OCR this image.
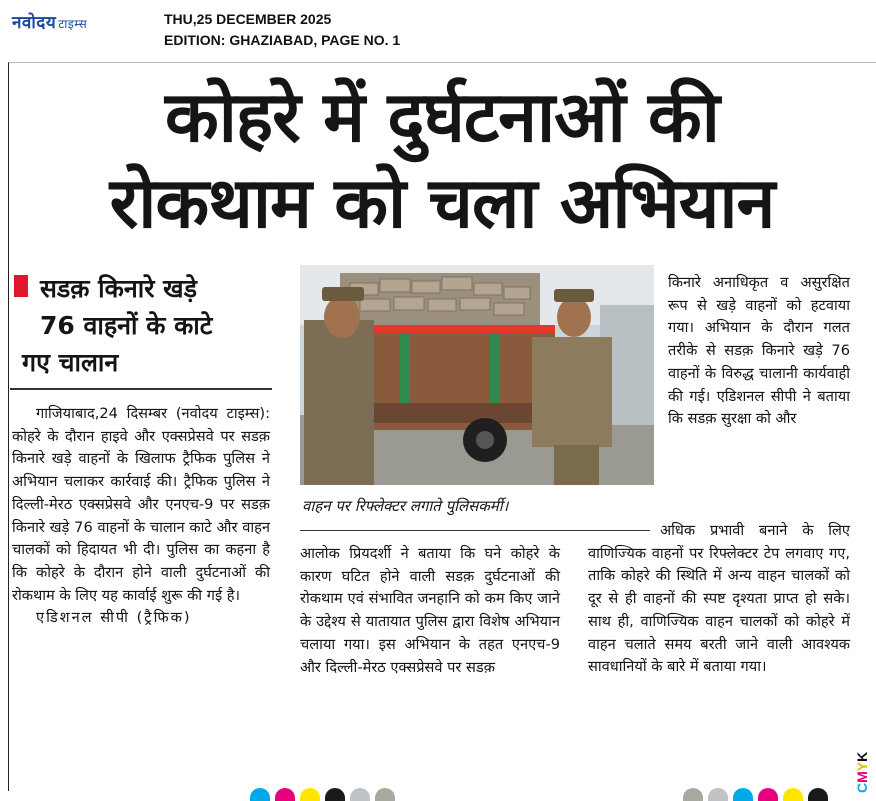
नवोदय टाइम्स	THU,25 DECEMBER 2025
EDITION: GHAZIABAD, PAGE NO. 1
कोहरे में दुर्घटनाओं की
रोकथाम को चला अभियान
सडक़ किनारे खड़े
76 वाहनों के काटे
गए चालान

गाजियाबाद,24 दिसम्बर (नवोदय टाइम्स): कोहरे के दौरान हाइवे और एक्सप्रेसवे पर सडक़ किनारे खड़े वाहनों के खिलाफ ट्रैफिक पुलिस ने अभियान चलाकर कार्रवाई की। ट्रैफिक पुलिस ने दिल्ली-मेरठ एक्सप्रेसवे और एनएच-9 पर सडक़ किनारे खड़े 76 वाहनों के चालान काटे और वाहन चालकों को हिदायत भी दी। पुलिस का कहना है कि कोहरे के दौरान होने वाली दुर्घटनाओं की रोकथाम के लिए यह कार्वाई शुरू की गई है।

एडिशनल सीपी (ट्रैफिक)

वाहन पर रिफ्लेक्टर लगाते पुलिसकर्मी।

आलोक प्रियदर्शी ने बताया कि घने कोहरे के कारण घटित होने वाली सडक़ दुर्घटनाओं की रोकथाम एवं संभावित जनहानि को कम किए जाने के उद्देश्य से यातायात पुलिस द्वारा विशेष अभियान चलाया गया। इस अभियान के तहत एनएच-9 और दिल्ली-मेरठ एक्सप्रेसवे पर सडक़

किनारे अनाधिकृत व असुरक्षित रूप से खड़े वाहनों को हटवाया गया। अभियान के दौरान गलत तरीके से सडक़ किनारे खड़े 76 वाहनों के विरुद्ध चालानी कार्यवाही की गई। एडिशनल सीपी ने बताया कि सडक़ सुरक्षा को और

अधिक प्रभावी बनाने के लिए वाणिज्यिक वाहनों पर रिफ्लेक्टर टेप लगवाए गए, ताकि कोहरे की स्थिति में अन्य वाहन चालकों को दूर से ही वाहनों की स्पष्ट दृश्यता प्राप्त हो सके। साथ ही, वाणिज्यिक वाहन चालकों को कोहरे में वाहन चलाते समय बरती जाने वाली आवश्यक सावधानियों के बारे में बताया गया।

CMYK
